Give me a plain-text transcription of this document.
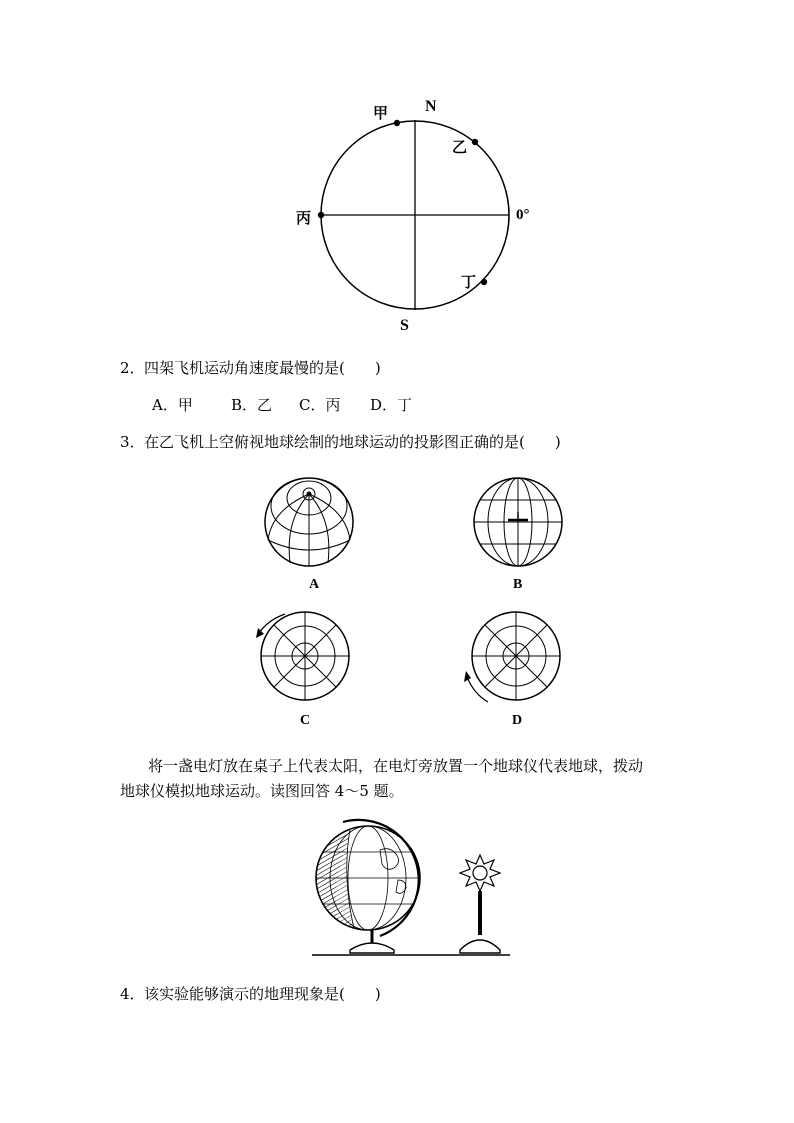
甲 N
乙
丙	0°
丁
S
2． 四架飞机运动角速度最慢的是(　　)
A．甲	B．乙 C．丙 D．丁
3． 在乙飞机上空俯视地球绘制的地球运动的投影图正确的是(　　)
A	B
C	D
将一盏电灯放在桌子上代表太阳，在电灯旁放置一个地球仪代表地球，拨动
地球仪模拟地球运动。读图回答 4～5 题。
4． 该实验能够演示的地理现象是(　　)
